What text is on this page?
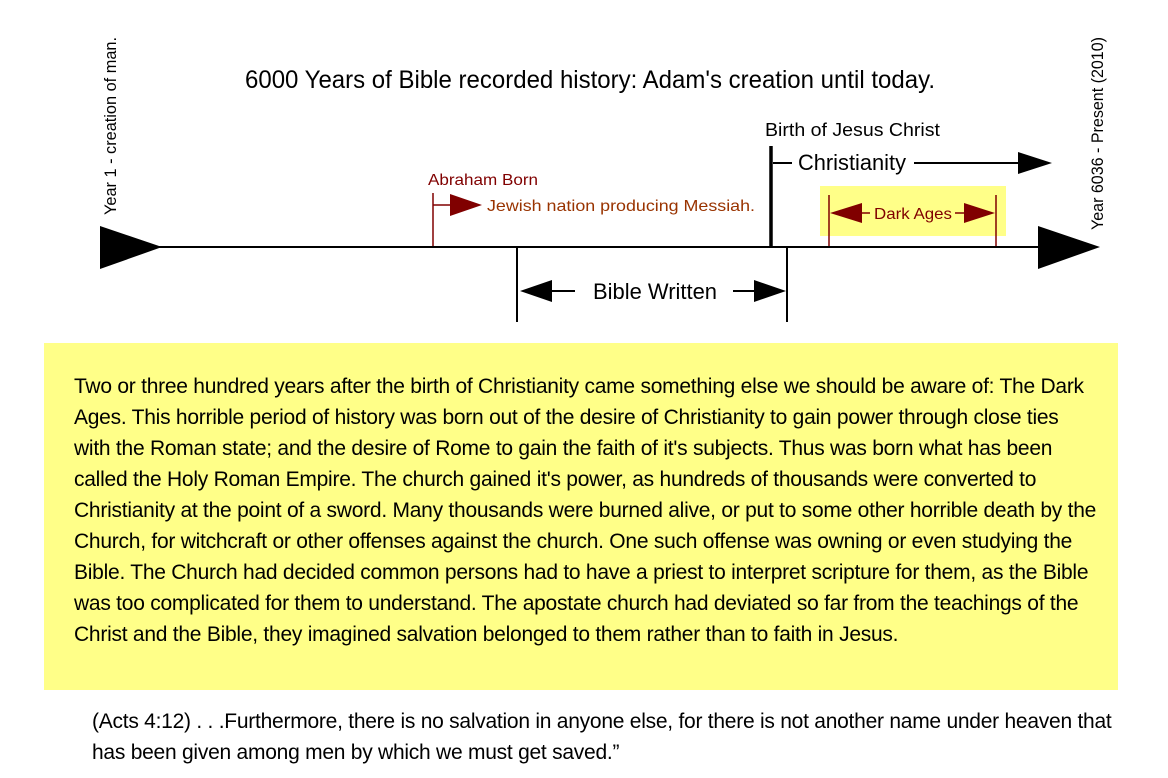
6000 Years of Bible recorded history: Adam's creation until today.
Year 1 - creation of man.	Year 6036 - Present (2010)
Abraham Born
Jewish nation producing Messiah.
Birth of Jesus Christ
Christianity
Dark Ages
Bible Written

Two or three hundred years after the birth of Christianity came something else we should be aware of: The Dark Ages. This horrible period of history was born out of the desire of Christianity to gain power through close ties with the Roman state; and the desire of Rome to gain the faith of it's subjects. Thus was born what has been called the Holy Roman Empire. The church gained it's power, as hundreds of thousands were converted to Christianity at the point of a sword. Many thousands were burned alive, or put to some other horrible death by the Church, for witchcraft or other offenses against the church. One such offense was owning or even studying the Bible. The Church had decided common persons had to have a priest to interpret scripture for them, as the Bible was too complicated for them to understand. The apostate church had deviated so far from the teachings of the Christ and the Bible, they imagined salvation belonged to them rather than to faith in Jesus.

(Acts 4:12) . . .Furthermore, there is no salvation in anyone else, for there is not another name under heaven that has been given among men by which we must get saved.”
